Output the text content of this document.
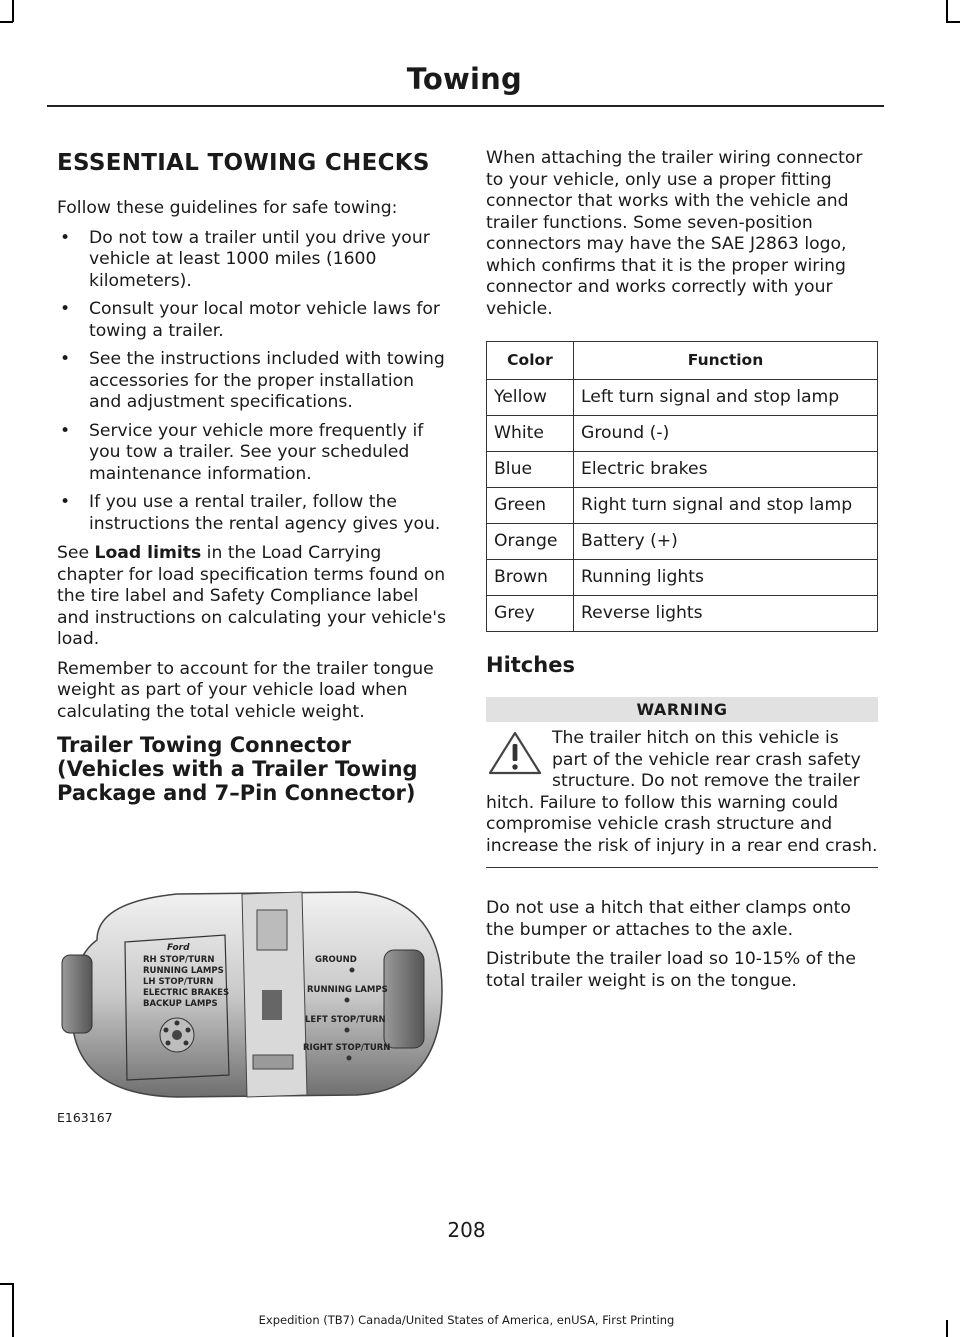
Towing
ESSENTIAL TOWING CHECKS

Follow these guidelines for safe towing:

• Do not tow a trailer until you drive your vehicle at least 1000 miles (1600 kilometers).
• Consult your local motor vehicle laws for towing a trailer.
• See the instructions included with towing accessories for the proper installation and adjustment specifications.
• Service your vehicle more frequently if you tow a trailer. See your scheduled maintenance information.
• If you use a rental trailer, follow the instructions the rental agency gives you.

See Load limits in the Load Carrying chapter for load specification terms found on the tire label and Safety Compliance label and instructions on calculating your vehicle's load.

Remember to account for the trailer tongue weight as part of your vehicle load when calculating the total vehicle weight.

Trailer Towing Connector (Vehicles with a Trailer Towing Package and 7–Pin Connector)
Ford
RH STOP/TURN
RUNNING LAMPS
LH STOP/TURN
ELECTRIC BRAKES
BACKUP LAMPS
GROUND
RUNNING LAMPS
LEFT STOP/TURN
RIGHT STOP/TURN
E163167

When attaching the trailer wiring connector to your vehicle, only use a proper fitting connector that works with the vehicle and trailer functions. Some seven-position connectors may have the SAE J2863 logo, which confirms that it is the proper wiring connector and works correctly with your vehicle.

Color	Function
Yellow	Left turn signal and stop lamp
White	Ground (-)
Blue	Electric brakes
Green	Right turn signal and stop lamp
Orange	Battery (+)
Brown	Running lights
Grey	Reverse lights
Hitches
WARNING

The trailer hitch on this vehicle is part of the vehicle rear crash safety structure. Do not remove the trailer hitch. Failure to follow this warning could compromise vehicle crash structure and increase the risk of injury in a rear end crash.

Do not use a hitch that either clamps onto the bumper or attaches to the axle.

Distribute the trailer load so 10-15% of the total trailer weight is on the tongue.

208
Expedition (TB7) Canada/United States of America, enUSA, First Printing
